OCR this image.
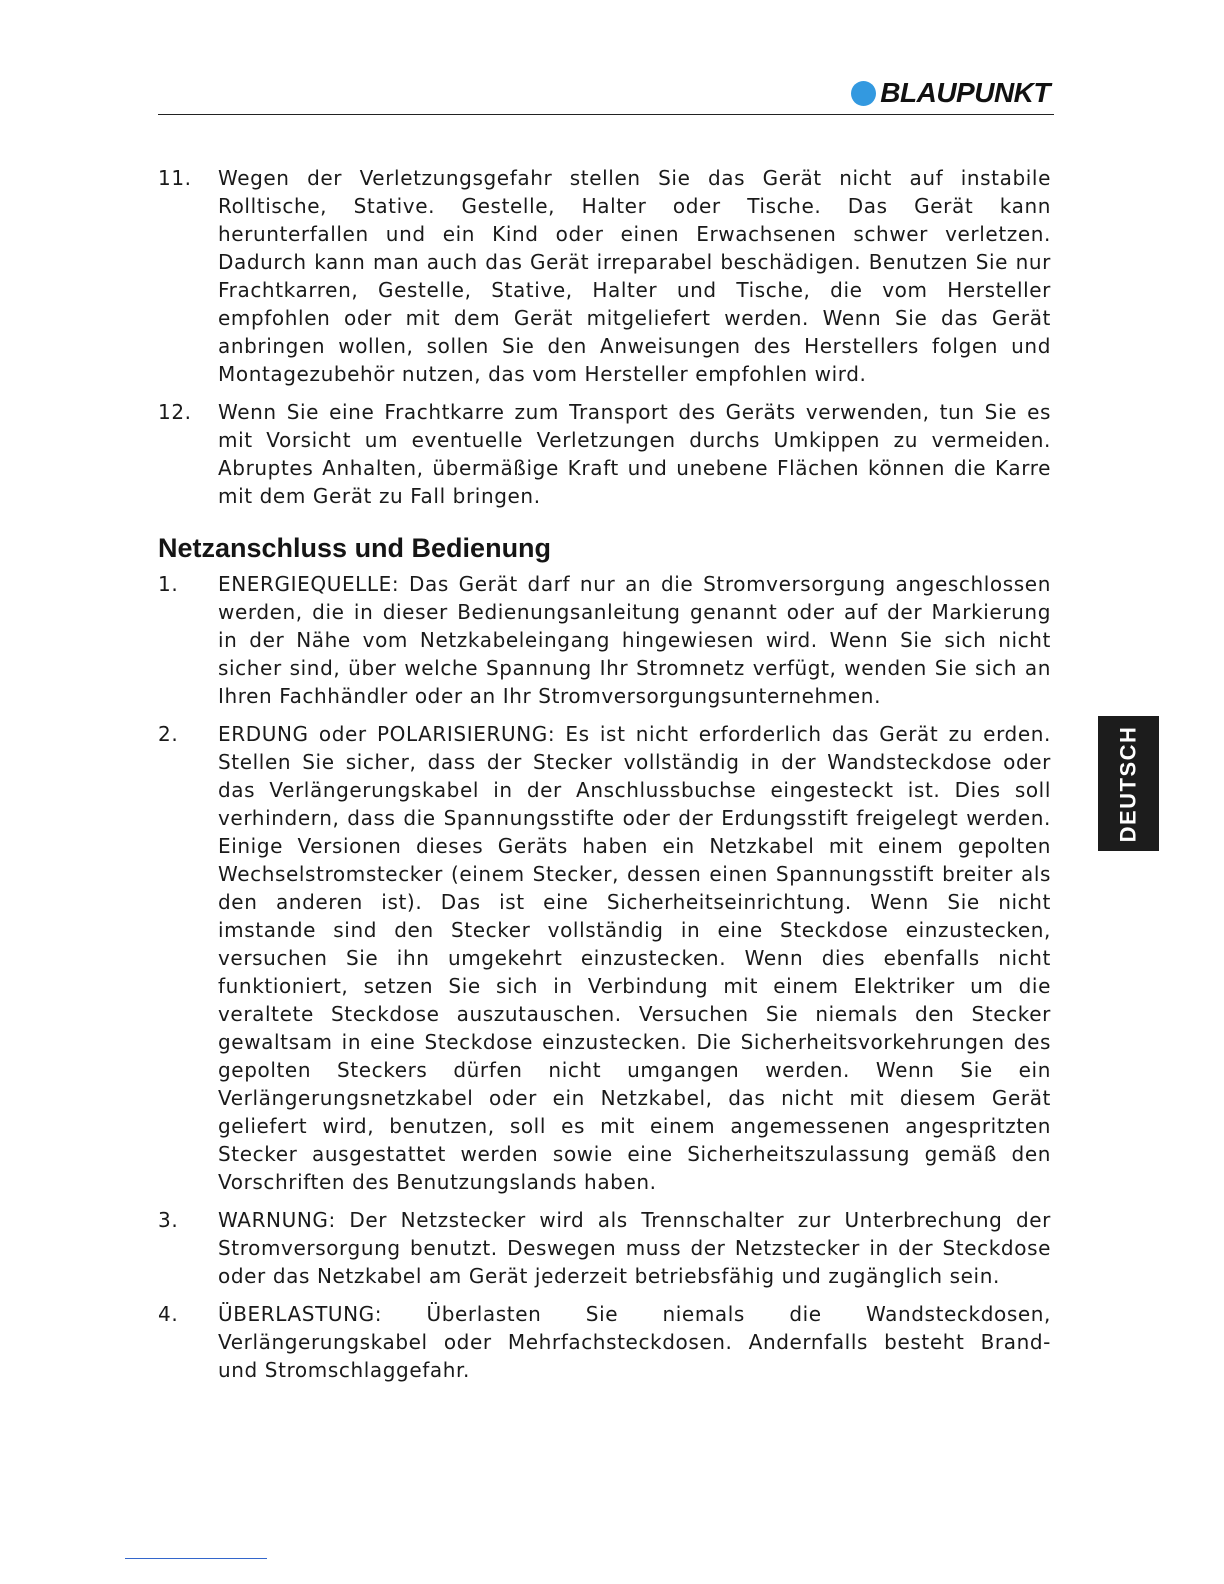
BLAUPUNKT
11.	Wegen der Verletzungsgefahr stellen Sie das Gerät nicht auf instabile Rolltische, Stative. Gestelle, Halter oder Tische. Das Gerät kann herunterfallen und ein Kind oder einen Erwachsenen schwer verletzen. Dadurch kann man auch das Gerät irreparabel beschädigen. Benutzen Sie nur Frachtkarren, Gestelle, Stative, Halter und Tische, die vom Hersteller empfohlen oder mit dem Gerät mitgeliefert werden. Wenn Sie das Gerät anbringen wollen, sollen Sie den Anweisungen des Herstellers folgen und Montagezubehör nutzen, das vom Hersteller empfohlen wird.
12.	Wenn Sie eine Frachtkarre zum Transport des Geräts verwenden, tun Sie es mit Vorsicht um eventuelle Verletzungen durchs Umkippen zu vermeiden. Abruptes Anhalten, übermäßige Kraft und unebene Flächen können die Karre mit dem Gerät zu Fall bringen.
Netzanschluss und Bedienung
1.	ENERGIEQUELLE: Das Gerät darf nur an die Stromversorgung angeschlossen werden, die in dieser Bedienungsanleitung genannt oder auf der Markierung in der Nähe vom Netzkabeleingang hingewiesen wird. Wenn Sie sich nicht sicher sind, über welche Spannung Ihr Stromnetz verfügt, wenden Sie sich an Ihren Fachhändler oder an Ihr Stromversorgungsunternehmen.
2.	ERDUNG oder POLARISIERUNG: Es ist nicht erforderlich das Gerät zu erden. Stellen Sie sicher, dass der Stecker vollständig in der Wandsteckdose oder das Verlängerungskabel in der Anschlussbuchse eingesteckt ist. Dies soll verhindern, dass die Spannungsstifte oder der Erdungsstift freigelegt werden. Einige Versionen dieses Geräts haben ein Netzkabel mit einem gepolten Wechselstromstecker (einem Stecker, dessen einen Spannungsstift breiter als den anderen ist). Das ist eine Sicherheitseinrichtung. Wenn Sie nicht imstande sind den Stecker vollständig in eine Steckdose einzustecken, versuchen Sie ihn umgekehrt einzustecken. Wenn dies ebenfalls nicht funktioniert, setzen Sie sich in Verbindung mit einem Elektriker um die veraltete Steckdose auszutauschen. Versuchen Sie niemals den Stecker gewaltsam in eine Steckdose einzustecken. Die Sicherheitsvorkehrungen des gepolten Steckers dürfen nicht umgangen werden. Wenn Sie ein Verlängerungsnetzkabel oder ein Netzkabel, das nicht mit diesem Gerät geliefert wird, benutzen, soll es mit einem angemessenen angespritzten Stecker ausgestattet werden sowie eine Sicherheitszulassung gemäß den Vorschriften des Benutzungslands haben.
3.	WARNUNG: Der Netzstecker wird als Trennschalter zur Unterbrechung der Stromversorgung benutzt. Deswegen muss der Netzstecker in der Steckdose oder das Netzkabel am Gerät jederzeit betriebsfähig und zugänglich sein.
4.	ÜBERLASTUNG: Überlasten Sie niemals die Wandsteckdosen, Verlängerungskabel oder Mehrfachsteckdosen. Andernfalls besteht Brand- und Stromschlaggefahr.
DEUTSCH
